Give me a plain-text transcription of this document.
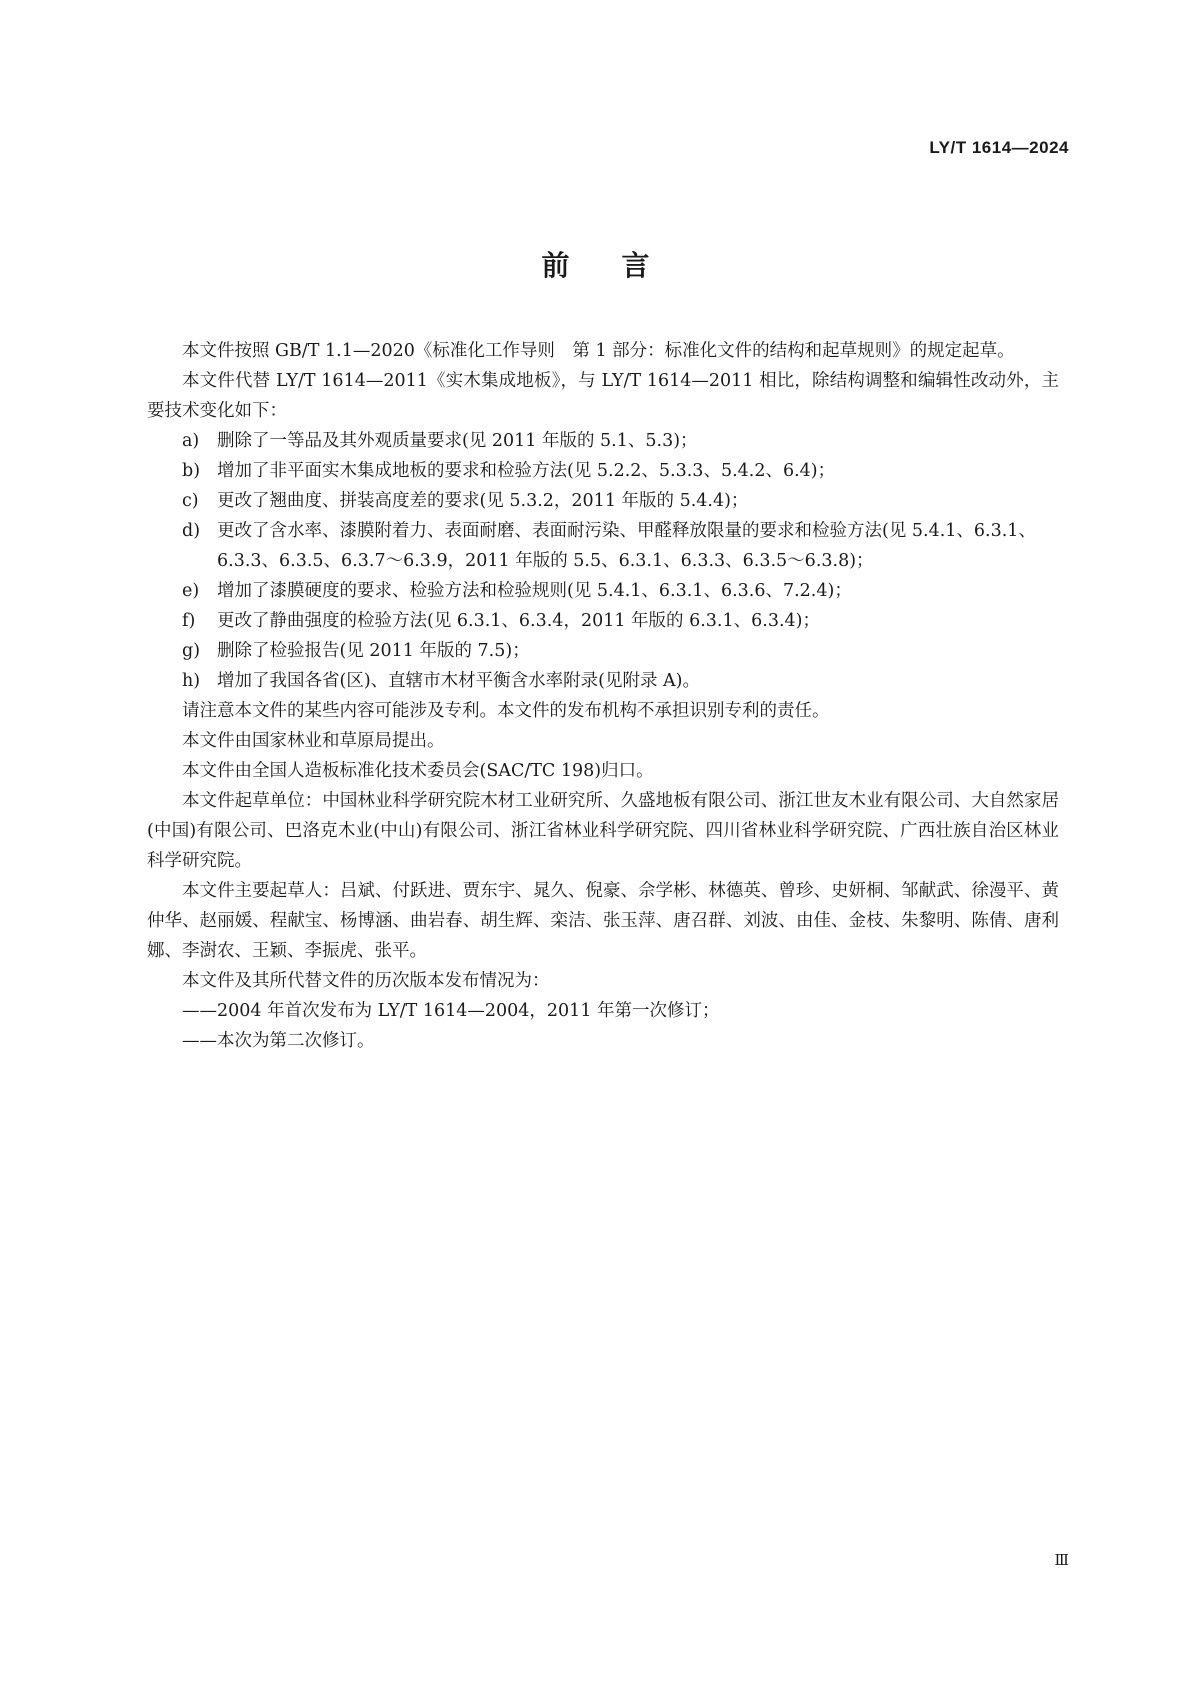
LY/T 1614—2024
前言

本文件按照 GB/T 1.1—2020《标准化工作导则　第 1 部分：标准化文件的结构和起草规则》的规定起草。

本文件代替 LY/T 1614—2011《实木集成地板》，与 LY/T 1614—2011 相比，除结构调整和编辑性改动外，主要技术变化如下：

a) 删除了一等品及其外观质量要求(见 2011 年版的 5.1、5.3)；

b) 增加了非平面实木集成地板的要求和检验方法(见 5.2.2、5.3.3、5.4.2、6.4)；

c) 更改了翘曲度、拼装高度差的要求(见 5.3.2，2011 年版的 5.4.4)；

d) 更改了含水率、漆膜附着力、表面耐磨、表面耐污染、甲醛释放限量的要求和检验方法(见 5.4.1、6.3.1、6.3.3、6.3.5、6.3.7～6.3.9，2011 年版的 5.5、6.3.1、6.3.3、6.3.5～6.3.8)；

e) 增加了漆膜硬度的要求、检验方法和检验规则(见 5.4.1、6.3.1、6.3.6、7.2.4)；

f) 更改了静曲强度的检验方法(见 6.3.1、6.3.4，2011 年版的 6.3.1、6.3.4)；

g) 删除了检验报告(见 2011 年版的 7.5)；

h) 增加了我国各省(区)、直辖市木材平衡含水率附录(见附录 A)。

请注意本文件的某些内容可能涉及专利。本文件的发布机构不承担识别专利的责任。

本文件由国家林业和草原局提出。

本文件由全国人造板标准化技术委员会(SAC/TC 198)归口。

本文件起草单位：中国林业科学研究院木材工业研究所、久盛地板有限公司、浙江世友木业有限公司、大自然家居(中国)有限公司、巴洛克木业(中山)有限公司、浙江省林业科学研究院、四川省林业科学研究院、广西壮族自治区林业科学研究院。

本文件主要起草人：吕斌、付跃进、贾东宇、晁久、倪豪、佘学彬、林德英、曾珍、史妍桐、邹献武、徐漫平、黄仲华、赵丽媛、程献宝、杨博涵、曲岩春、胡生辉、栾洁、张玉萍、唐召群、刘波、由佳、金枝、朱黎明、陈倩、唐利娜、李澍农、王颖、李振虎、张平。

本文件及其所代替文件的历次版本发布情况为：

——2004 年首次发布为 LY/T 1614—2004，2011 年第一次修订；

——本次为第二次修订。

Ⅲ
